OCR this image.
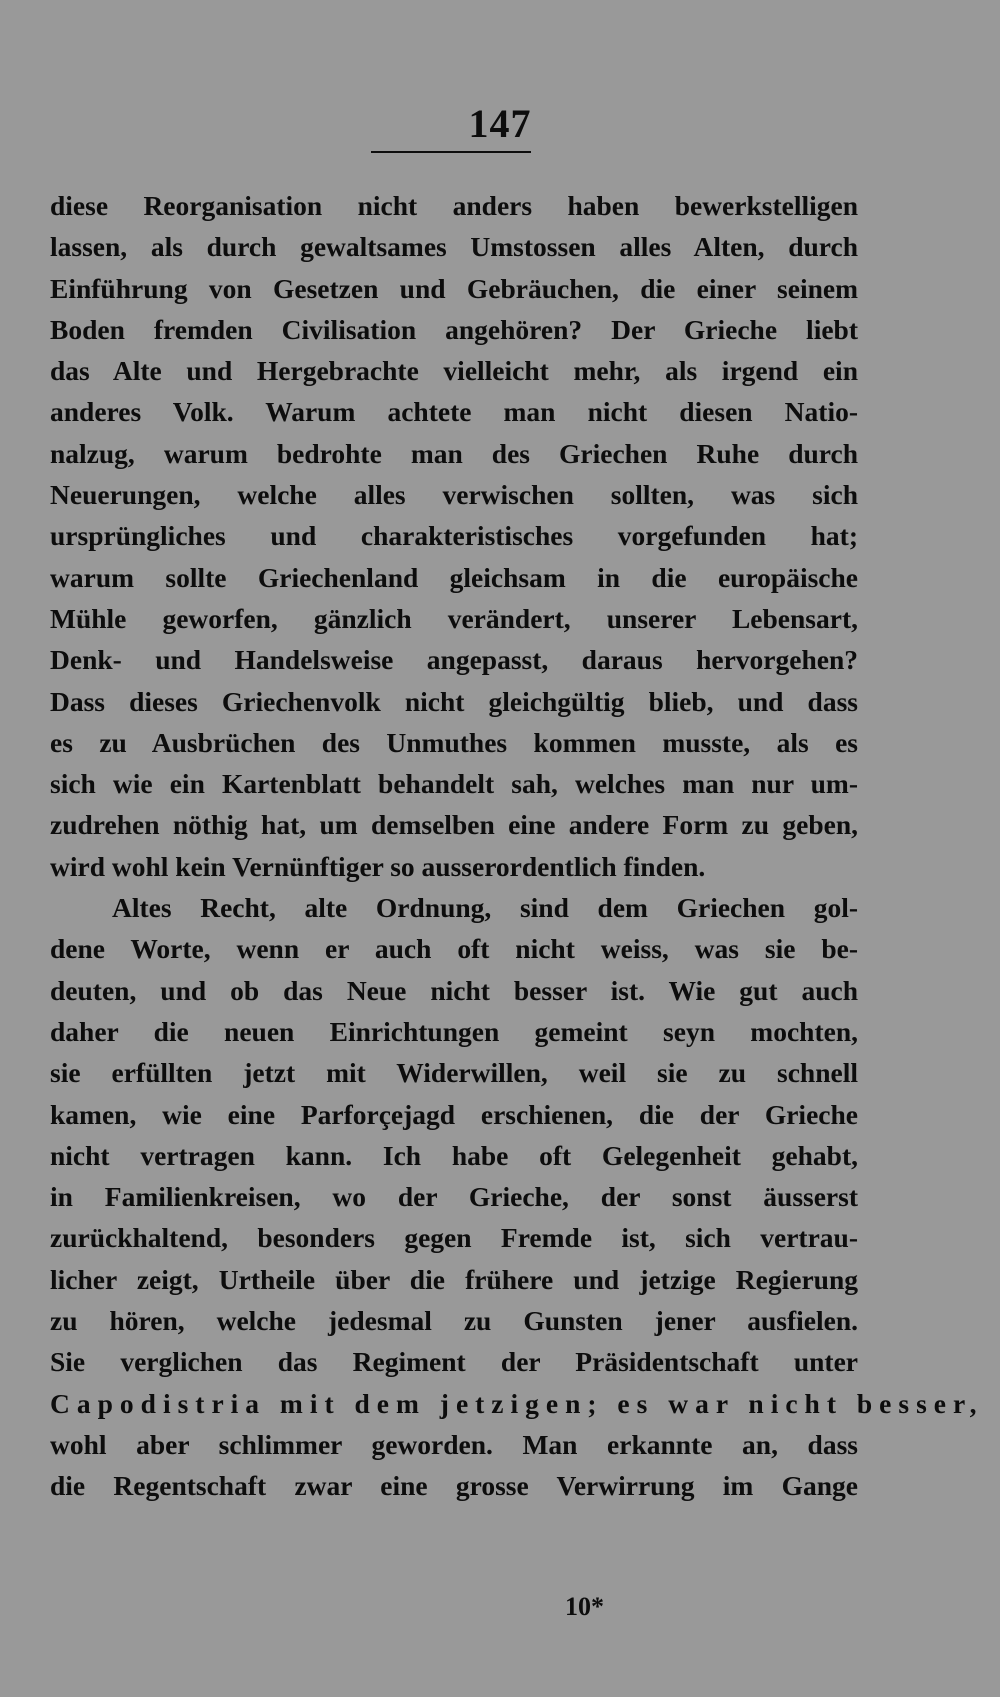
147
diese Reorganisation nicht anders haben bewerkstelligen
lassen, als durch gewaltsames Umstossen alles Alten, durch
Einführung von Gesetzen und Gebräuchen, die einer seinem
Boden fremden Civilisation angehören? Der Grieche liebt
das Alte und Hergebrachte vielleicht mehr, als irgend ein
anderes Volk. Warum achtete man nicht diesen Natio-
nalzug, warum bedrohte man des Griechen Ruhe durch
Neuerungen, welche alles verwischen sollten, was sich
ursprüngliches und charakteristisches vorgefunden hat;
warum sollte Griechenland gleichsam in die europäische
Mühle geworfen, gänzlich verändert, unserer Lebensart,
Denk- und Handelsweise angepasst, daraus hervorgehen?
Dass dieses Griechenvolk nicht gleichgültig blieb, und dass
es zu Ausbrüchen des Unmuthes kommen musste, als es
sich wie ein Kartenblatt behandelt sah, welches man nur um-
zudrehen nöthig hat, um demselben eine andere Form zu geben,
wird wohl kein Vernünftiger so ausserordentlich finden.
Altes Recht, alte Ordnung, sind dem Griechen gol-
dene Worte, wenn er auch oft nicht weiss, was sie be-
deuten, und ob das Neue nicht besser ist. Wie gut auch
daher die neuen Einrichtungen gemeint seyn mochten,
sie erfüllten jetzt mit Widerwillen, weil sie zu schnell
kamen, wie eine Parforçejagd erschienen, die der Grieche
nicht vertragen kann. Ich habe oft Gelegenheit gehabt,
in Familienkreisen, wo der Grieche, der sonst äusserst
zurückhaltend, besonders gegen Fremde ist, sich vertrau-
licher zeigt, Urtheile über die frühere und jetzige Regierung
zu hören, welche jedesmal zu Gunsten jener ausfielen.
Sie verglichen das Regiment der Präsidentschaft unter
Capodistria mit dem jetzigen; es war nicht besser,
wohl aber schlimmer geworden. Man erkannte an, dass
die Regentschaft zwar eine grosse Verwirrung im Gange
10*
